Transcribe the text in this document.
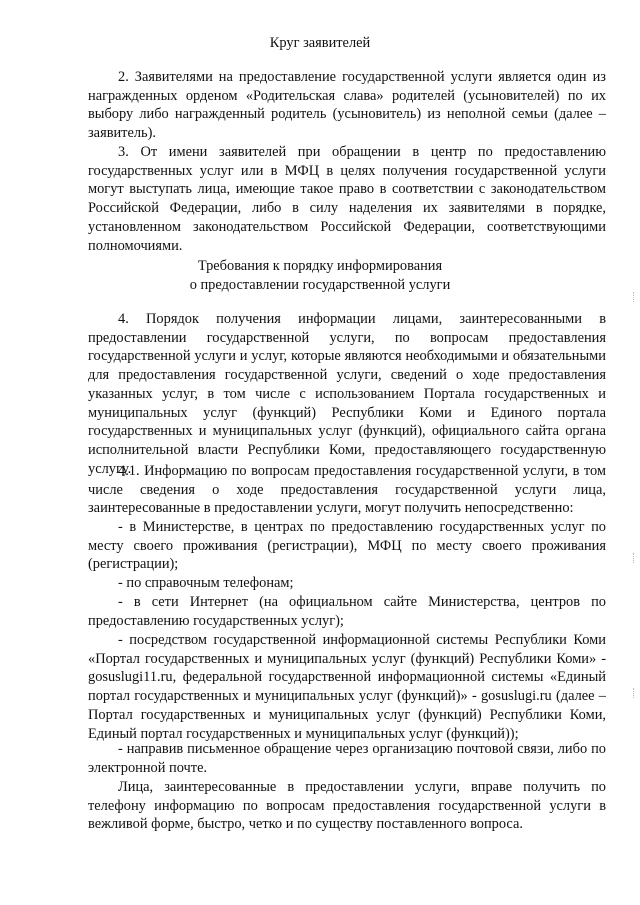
Круг заявителей
2. Заявителями на предоставление государственной услуги является один из награжденных орденом «Родительская слава» родителей (усыновителей) по их выбору либо награжденный родитель (усыновитель) из неполной семьи (далее – заявитель).
3. От имени заявителей при обращении в центр по предоставлению государственных услуг или в МФЦ в целях получения государственной услуги могут выступать лица, имеющие такое право в соответствии с законодательством Российской Федерации, либо в силу наделения их заявителями в порядке, установленном законодательством Российской Федерации, соответствующими полномочиями.
Требования к порядку информирования
о предоставлении государственной услуги
4. Порядок получения информации лицами, заинтересованными в предоставлении государственной услуги, по вопросам предоставления государственной услуги и услуг, которые являются необходимыми и обязательными для предоставления государственной услуги, сведений о ходе предоставления указанных услуг, в том числе с использованием Портала государственных и муниципальных услуг (функций) Республики Коми и Единого портала государственных и муниципальных услуг (функций), официального сайта органа исполнительной власти Республики Коми, предоставляющего государственную услугу.
4.1. Информацию по вопросам предоставления государственной услуги, в том числе сведения о ходе предоставления государственной услуги лица, заинтересованные в предоставлении услуги, могут получить непосредственно:
- в Министерстве, в центрах по предоставлению государственных услуг по месту своего проживания (регистрации), МФЦ по месту своего проживания (регистрации);
- по справочным телефонам;
- в сети Интернет (на официальном сайте Министерства, центров по предоставлению государственных услуг);
- посредством государственной информационной системы Республики Коми «Портал государственных и муниципальных услуг (функций) Республики Коми» - gosuslugi11.ru, федеральной государственной информационной системы «Единый портал государственных и муниципальных услуг (функций)» - gosuslugi.ru (далее – Портал государственных и муниципальных услуг (функций) Республики Коми, Единый портал государственных и муниципальных услуг (функций));
- направив письменное обращение через организацию почтовой связи, либо по электронной почте.
Лица, заинтересованные в предоставлении услуги, вправе получить по телефону информацию по вопросам предоставления государственной услуги в вежливой форме, быстро, четко и по существу поставленного вопроса.
